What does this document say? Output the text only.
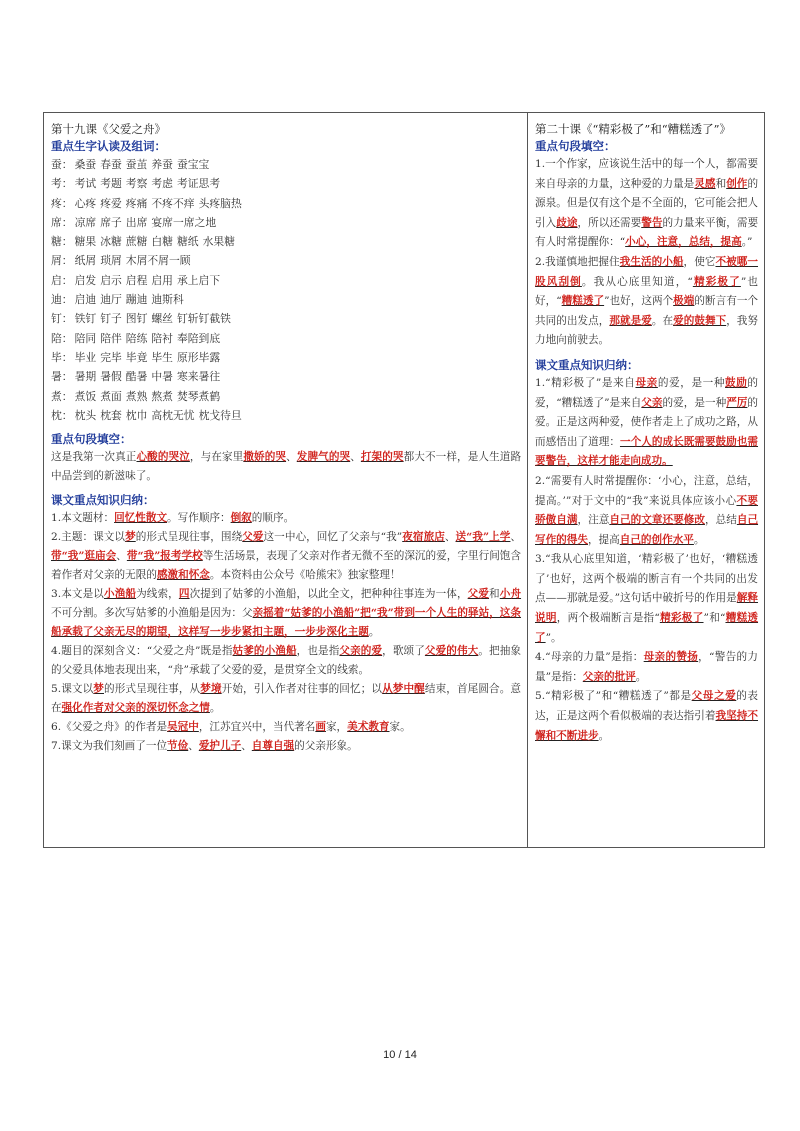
第十九课《父爱之舟》
重点生字认读及组词：
蚕： 桑蚕 春蚕 蚕茧 养蚕 蚕宝宝
考： 考试 考题 考察 考虑 考证思考
疼： 心疼 疼爱 疼痛 不疼不痒 头疼脑热
席： 凉席 席子 出席 宴席一席之地
糖： 糖果 冰糖 蔗糖 白糖 糖纸 水果糖
屑： 纸屑 琐屑 木屑不屑一顾
启： 启发 启示 启程 启用 承上启下
迪： 启迪 迪厅 蹦迪 迪斯科
钉： 铁钉 钉子 图钉 螺丝 钉斩钉截铁
陪： 陪同 陪伴 陪练 陪衬 奉陪到底
毕： 毕业 完毕 毕竟 毕生 原形毕露
暑： 暑期 暑假 酷暑 中暑 寒来暑往
煮： 煮饭 煮面 煮熟 熬煮 焚琴煮鹤
枕： 枕头 枕套 枕巾 高枕无忧 枕戈待旦
重点句段填空：
这是我第一次真正心酸的哭泣，与在家里撒娇的哭、发脾气的哭、打架的哭都大不一样，是人生道路中品尝到的新滋味了。
课文重点知识归纳：
1.本文题材：回忆性散文。写作顺序：倒叙的顺序。
2.主题：课文以梦的形式呈现往事，围绕父爱这一中心，回忆了父亲与“我”夜宿旅店、送“我”上学、带“我”逛庙会、带“我”报考学校等生活场景，表现了父亲对作者无微不至的深沉的爱，字里行间饱含着作者对父亲的无限的感激和怀念。本资料由公众号《哈熊宋》独家整理！
3.本文是以小渔船为线索，四次提到了姑爹的小渔船，以此全文，把种种往事连为一体，父爱和小舟不可分割。多次写姑爹的小渔船是因为：父亲摇着“姑爹的小渔船”把“我”带到一个人生的驿站，这条船承载了父亲无尽的期望，这样写一步步紧扣主题，一步步深化主题。
4.题目的深刻含义：“父爱之舟”既是指姑爹的小渔船，也是指父亲的爱，歌颂了父爱的伟大。把抽象的父爱具体地表现出来，“舟”承载了父爱的爱，是贯穿全文的线索。
5.课文以梦的形式呈现往事，从梦境开始，引入作者对往事的回忆；以从梦中醒结束，首尾圆合。意在强化作者对父亲的深切怀念之情。
6.《父爱之舟》的作者是吴冠中，江苏宜兴中，当代著名画家，美术教育家。
7.课文为我们刻画了一位节俭、爱护儿子、自尊自强的父亲形象。
第二十课《“精彩极了”和“糟糕透了”》
重点句段填空：
1.一个作家，应该说生活中的每一个人，都需要来自母亲的力量，这种爱的力量是灵感和创作的源泉。但是仅有这个是不全面的，它可能会把人引入歧途，所以还需要警告的力量来平衡，需要有人时常提醒你：“小心，注意，总结，提高。”
2.我谨慎地把握住我生活的小船，使它不被哪一股风刮倒。我从心底里知道，“精彩极了”也好，“糟糕透了”也好，这两个极端的断言有一个共同的出发点，那就是爱。在爱的鼓舞下，我努力地向前驶去。
课文重点知识归纳：
1.“精彩极了”是来自母亲的爱，是一种鼓励的爱，“糟糕透了”是来自父亲的爱，是一种严厉的爱。正是这两种爱，使作者走上了成功之路，从而感悟出了道理：一个人的成长既需要鼓励也需要警告，这样才能走向成功。
2.“需要有人时常提醒你：‘小心，注意，总结，提高。’”对于文中的“我”来说具体应该小心不要骄傲自满，注意自己的文章还要修改，总结自己写作的得失，提高自己的创作水平。
3.“我从心底里知道，‘精彩极了’也好，‘糟糕透了’也好，这两个极端的断言有一个共同的出发点——那就是爱。”这句话中破折号的作用是解释说明，两个极端断言是指“精彩极了”和“糟糕透了”。
4.“母亲的力量”是指：母亲的赞扬，“警告的力量”是指：父亲的批评。
5.“精彩极了”和“糟糕透了”都是父母之爱的表达，正是这两个看似极端的表达指引着我坚持不懈和不断进步。
10 / 14
